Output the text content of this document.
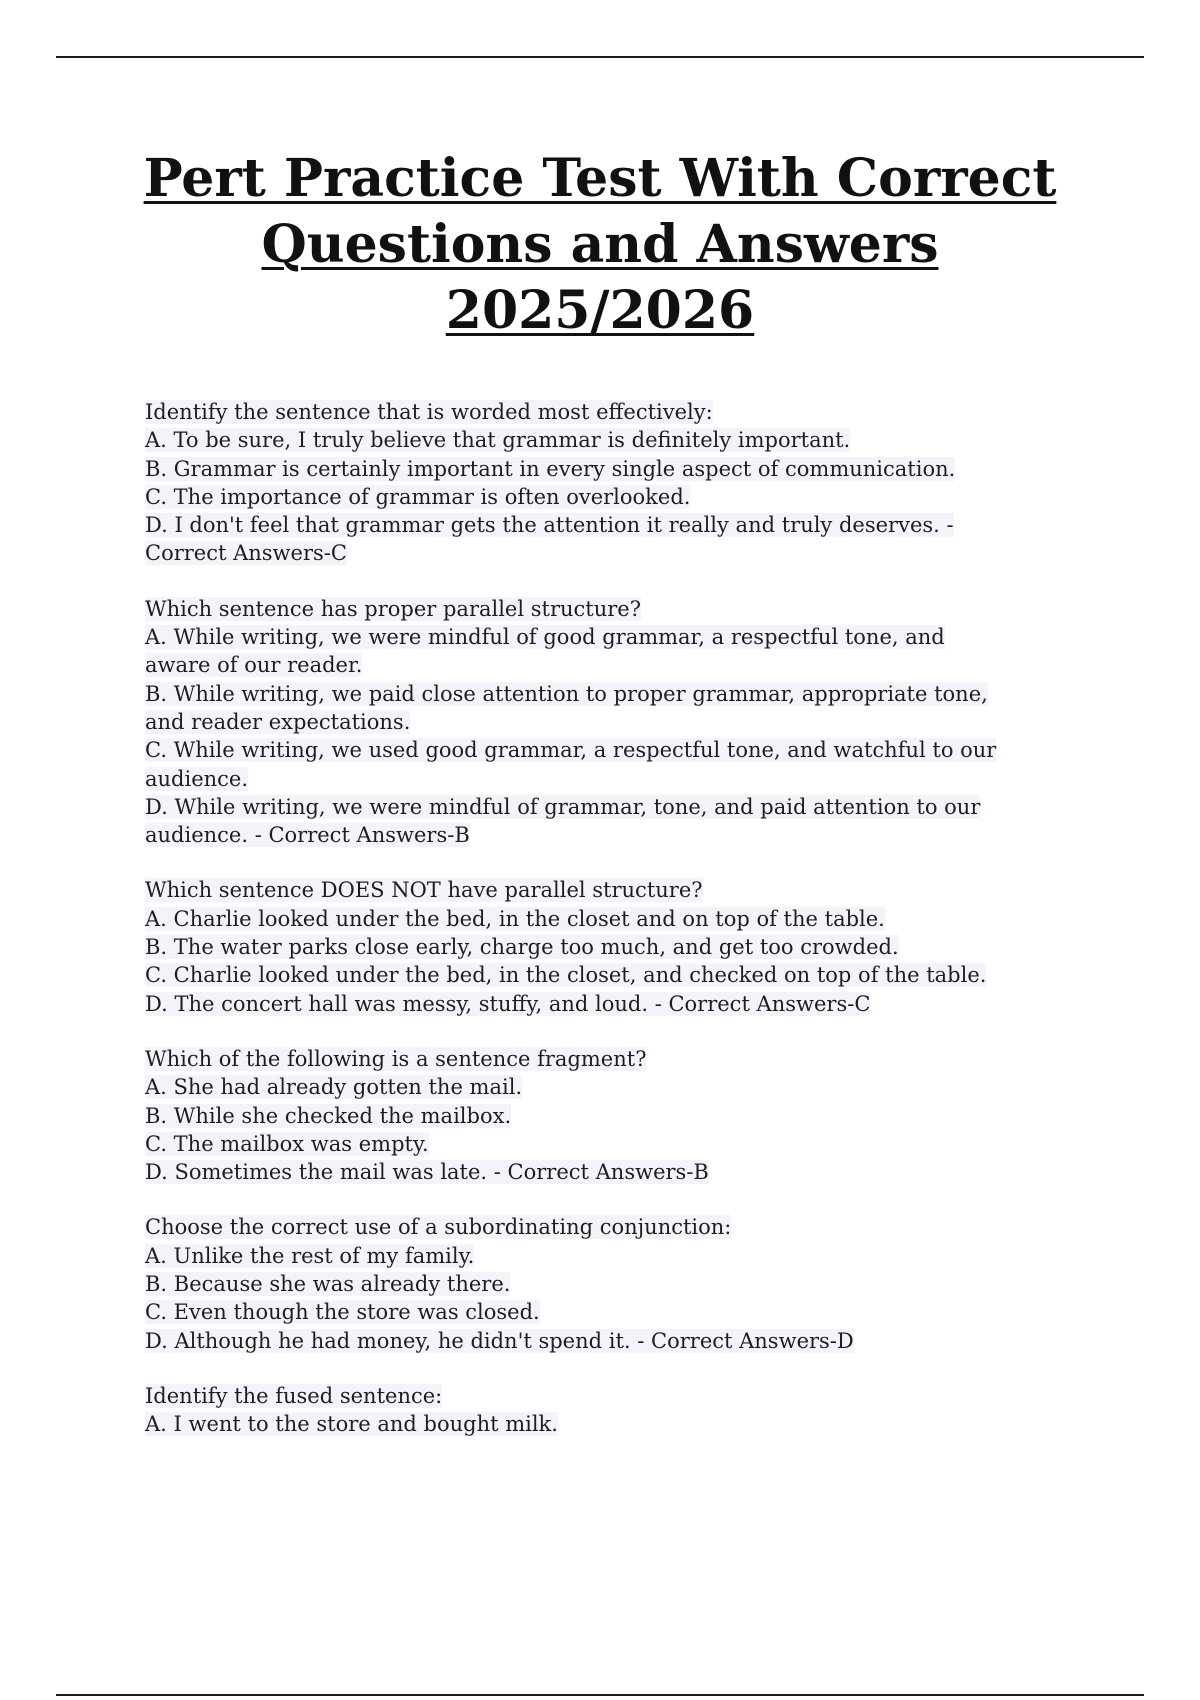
Pert Practice Test With Correct
Questions and Answers
2025/2026
Identify the sentence that is worded most effectively:
A. To be sure, I truly believe that grammar is definitely important.
B. Grammar is certainly important in every single aspect of communication.
C. The importance of grammar is often overlooked.
D. I don't feel that grammar gets the attention it really and truly deserves. -
Correct Answers-C
Which sentence has proper parallel structure?
A. While writing, we were mindful of good grammar, a respectful tone, and
aware of our reader.
B. While writing, we paid close attention to proper grammar, appropriate tone,
and reader expectations.
C. While writing, we used good grammar, a respectful tone, and watchful to our
audience.
D. While writing, we were mindful of grammar, tone, and paid attention to our
audience. - Correct Answers-B
Which sentence DOES NOT have parallel structure?
A. Charlie looked under the bed, in the closet and on top of the table.
B. The water parks close early, charge too much, and get too crowded.
C. Charlie looked under the bed, in the closet, and checked on top of the table.
D. The concert hall was messy, stuffy, and loud. - Correct Answers-C
Which of the following is a sentence fragment?
A. She had already gotten the mail.
B. While she checked the mailbox.
C. The mailbox was empty.
D. Sometimes the mail was late. - Correct Answers-B
Choose the correct use of a subordinating conjunction:
A. Unlike the rest of my family.
B. Because she was already there.
C. Even though the store was closed.
D. Although he had money, he didn't spend it. - Correct Answers-D
Identify the fused sentence:
A. I went to the store and bought milk.
